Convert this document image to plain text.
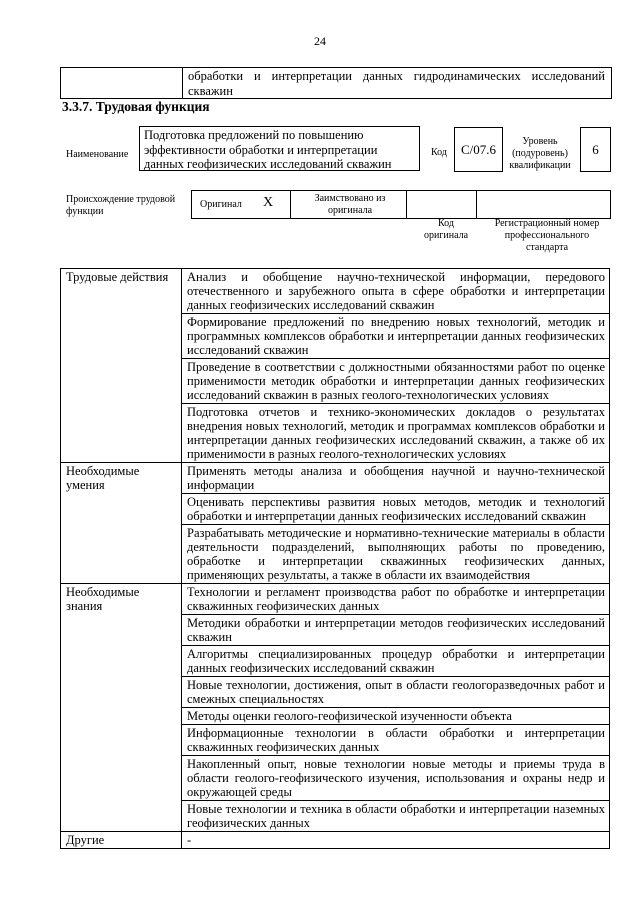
24
обработки и интерпретации данных гидродинамических исследований скважин
3.3.7. Трудовая функция
Наименование
Подготовка предложений по повышению эффективности обработки и интерпретации данных геофизических исследований скважин
Код	С/07.6	Уровень (подуровень) квалификации
6
Происхождение трудовой функции
Оригинал X	Заимствовано из оригинала
Код оригинала
Регистрационный номер профессионального стандарта
Трудовые действия	Анализ и обобщение научно-технической информации, передового отечественного и зарубежного опыта в сфере обработки и интерпретации данных геофизических исследований скважин
	Формирование предложений по внедрению новых технологий, методик и программных комплексов обработки и интерпретации данных геофизических исследований скважин
	Проведение в соответствии с должностными обязанностями работ по оценке применимости методик обработки и интерпретации данных геофизических исследований скважин в разных геолого-технологических условиях
	Подготовка отчетов и технико-экономических докладов о результатах внедрения новых технологий, методик и программах комплексов обработки и интерпретации данных геофизических исследований скважин, а также об их применимости в разных геолого-технологических условиях
Необходимые умения	Применять методы анализа и обобщения научной и научно-технической информации
	Оценивать перспективы развития новых методов, методик и технологий обработки и интерпретации данных геофизических исследований скважин
	Разрабатывать методические и нормативно-технические материалы в области деятельности подразделений, выполняющих работы по проведению, обработке и интерпретации скважинных геофизических данных, применяющих результаты, а также в области их взаимодействия
Необходимые знания	Технологии и регламент производства работ по обработке и интерпретации скважинных геофизических данных
	Методики обработки и интерпретации методов геофизических исследований скважин
	Алгоритмы специализированных процедур обработки и интерпретации данных геофизических исследований скважин
	Новые технологии, достижения, опыт в области геологоразведочных работ и смежных специальностях
	Методы оценки геолого-геофизической изученности объекта
	Информационные технологии в области обработки и интерпретации скважинных геофизических данных
	Накопленный опыт, новые технологии новые методы и приемы труда в области геолого-геофизического изучения, использования и охраны недр и окружающей среды
	Новые технологии и техника в области обработки и интерпретации наземных геофизических данных
Другие	-
